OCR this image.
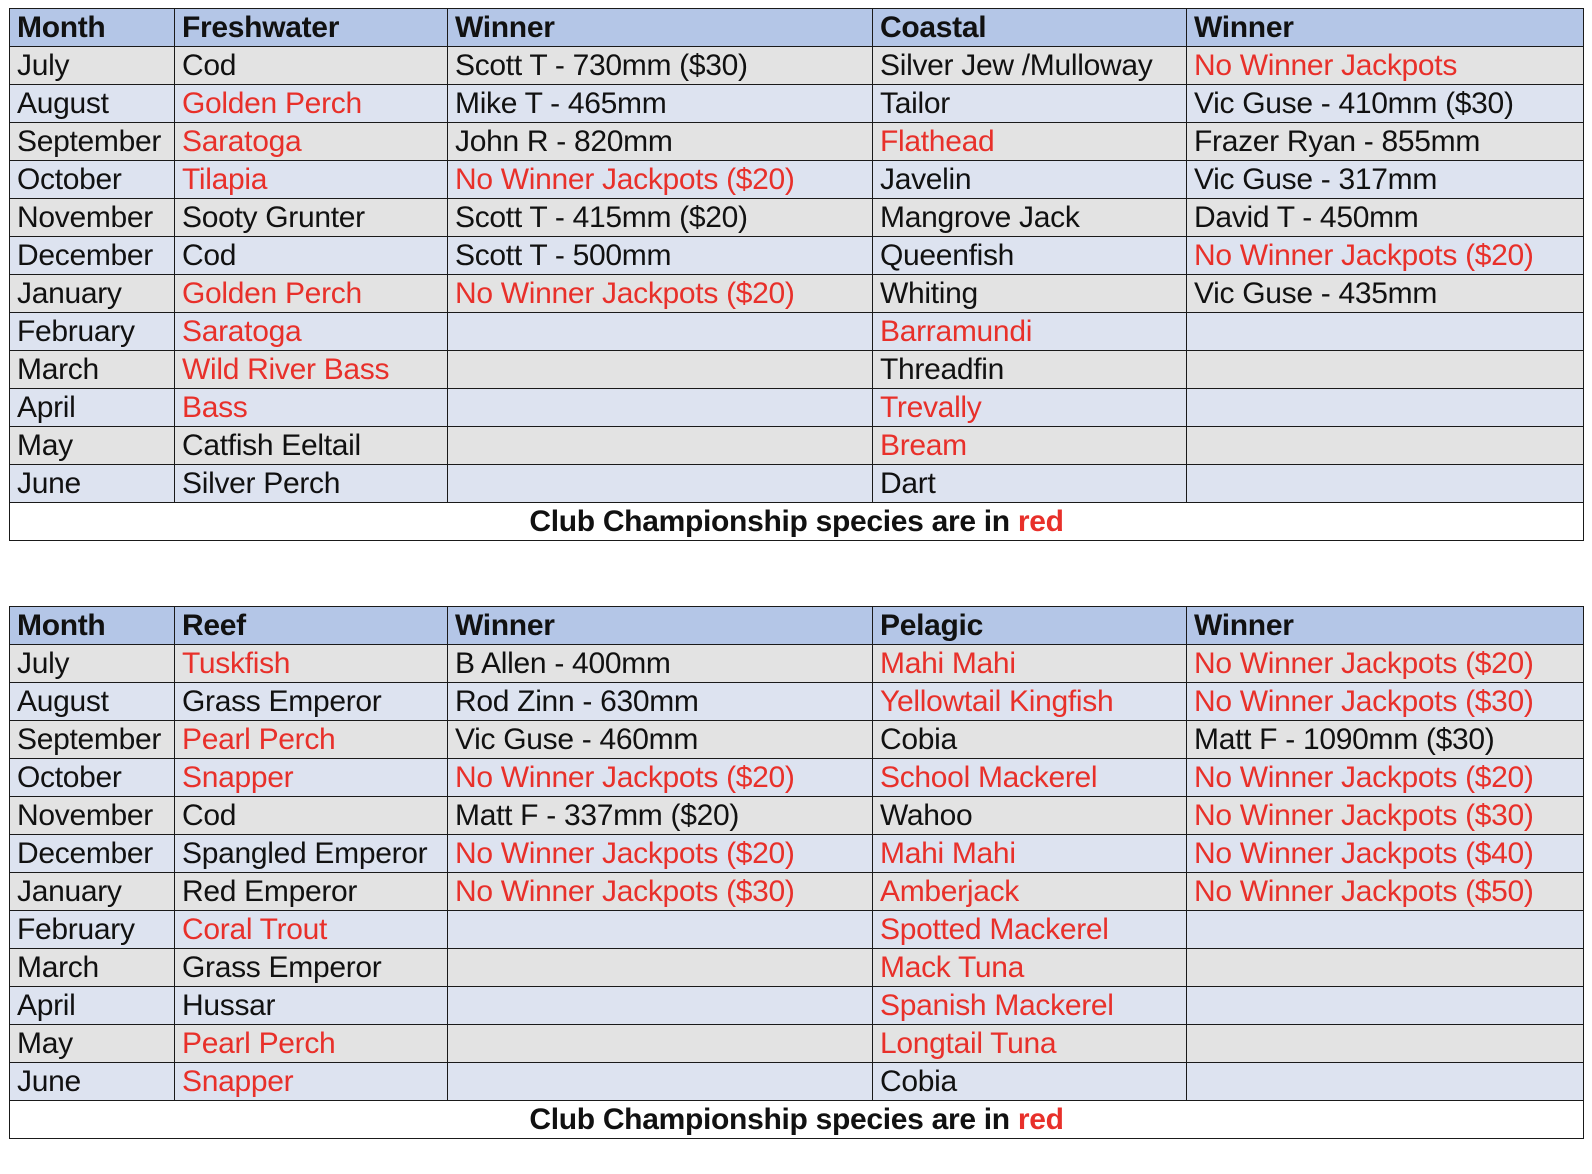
Month	Freshwater	Winner	Coastal	Winner
July	Cod	Scott T - 730mm ($30)	Silver Jew /Mulloway	No Winner Jackpots
August	Golden Perch	Mike T - 465mm	Tailor	Vic Guse - 410mm ($30)
September	Saratoga	John R - 820mm	Flathead	Frazer Ryan - 855mm
October	Tilapia	No Winner Jackpots ($20)	Javelin	Vic Guse - 317mm
November	Sooty Grunter	Scott T - 415mm ($20)	Mangrove Jack	David T - 450mm
December	Cod	Scott T - 500mm	Queenfish	No Winner Jackpots ($20)
January	Golden Perch	No Winner Jackpots ($20)	Whiting	Vic Guse - 435mm
February	Saratoga		Barramundi	
March	Wild River Bass		Threadfin	
April	Bass		Trevally	
May	Catfish Eeltail		Bream	
June	Silver Perch		Dart	
Club Championship species are in red				
Month	Reef	Winner	Pelagic	Winner
July	Tuskfish	B Allen - 400mm	Mahi Mahi	No Winner Jackpots ($20)
August	Grass Emperor	Rod Zinn - 630mm	Yellowtail Kingfish	No Winner Jackpots ($30)
September	Pearl Perch	Vic Guse - 460mm	Cobia	Matt F - 1090mm ($30)
October	Snapper	No Winner Jackpots ($20)	School Mackerel	No Winner Jackpots ($20)
November	Cod	Matt F - 337mm ($20)	Wahoo	No Winner Jackpots ($30)
December	Spangled Emperor	No Winner Jackpots ($20)	Mahi Mahi	No Winner Jackpots ($40)
January	Red Emperor	No Winner Jackpots ($30)	Amberjack	No Winner Jackpots ($50)
February	Coral Trout		Spotted Mackerel	
March	Grass Emperor		Mack Tuna	
April	Hussar		Spanish Mackerel	
May	Pearl Perch		Longtail Tuna	
June	Snapper		Cobia	
Club Championship species are in red				
